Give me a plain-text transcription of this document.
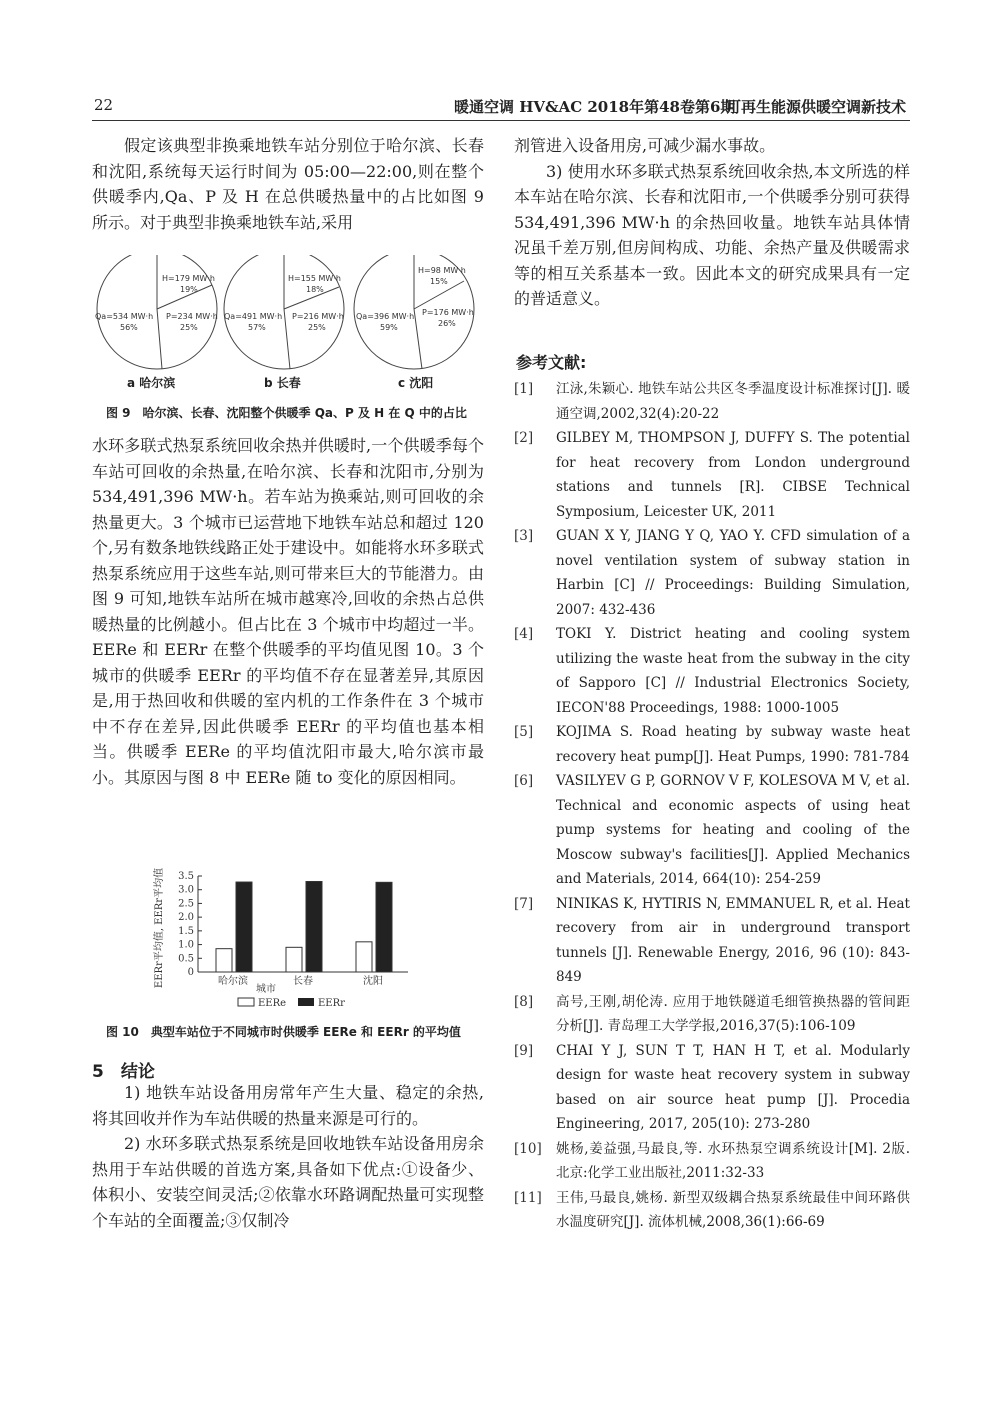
22	暖通空调 HV&AC 2018年第48卷第6期
可再生能源供暖空调新技术

假定该典型非换乘地铁车站分别位于哈尔滨、长春和沈阳,系统每天运行时间为 05:00—22:00,则在整个供暖季内,Qa、P 及 H 在总供暖热量中的占比如图 9 所示。对于典型非换乘地铁车站,采用

H=179 MW·h
19%
Qa=534 MW·h
56%
P=234 MW·h
25%
a 哈尔滨
H=155 MW·h
18%
Qa=491 MW·h
57%
P=216 MW·h
25%
b 长春
H=98 MW·h
15%
Qa=396 MW·h
59%
P=176 MW·h
26%
c 沈阳
图 9　哈尔滨、长春、沈阳整个供暖季 Qa、P 及 H 在 Q 中的占比

水环多联式热泵系统回收余热并供暖时,一个供暖季每个车站可回收的余热量,在哈尔滨、长春和沈阳市,分别为 534,491,396 MW·h。若车站为换乘站,则可回收的余热量更大。3 个城市已运营地下地铁车站总和超过 120 个,另有数条地铁线路正处于建设中。如能将水环多联式热泵系统应用于这些车站,则可带来巨大的节能潜力。由图 9 可知,地铁车站所在城市越寒冷,回收的余热占总供暖热量的比例越小。但占比在 3 个城市中均超过一半。EERe 和 EERr 在整个供暖季的平均值见图 10。3 个城市的供暖季 EERr 的平均值不存在显著差异,其原因是,用于热回收和供暖的室内机的工作条件在 3 个城市中不存在差异,因此供暖季 EERr 的平均值也基本相当。供暖季 EERe 的平均值沈阳市最大,哈尔滨市最小。其原因与图 8 中 EERe 随 to 变化的原因相同。

EERr平均值, EERr平均值
城市
0
0.5
1.0
1.5
2.0
2.5
3.0
3.5
哈尔滨	长春	沈阳
EERe	EERr
图 10　典型车站位于不同城市时供暖季 EERe 和 EERr 的平均值
5　结论

1) 地铁车站设备用房常年产生大量、稳定的余热,将其回收并作为车站供暖的热量来源是可行的。

2) 水环多联式热泵系统是回收地铁车站设备用房余热用于车站供暖的首选方案,具备如下优点:①设备少、体积小、安装空间灵活;②依靠水环路调配热量可实现整个车站的全面覆盖;③仅制冷

剂管进入设备用房,可减少漏水事故。

3) 使用水环多联式热泵系统回收余热,本文所选的样本车站在哈尔滨、长春和沈阳市,一个供暖季分别可获得 534,491,396 MW·h 的余热回收量。地铁车站具体情况虽千差万别,但房间构成、功能、余热产量及供暖需求等的相互关系基本一致。因此本文的研究成果具有一定的普适意义。

参考文献:
[1]	江泳,朱颖心. 地铁车站公共区冬季温度设计标准探讨[J]. 暖通空调,2002,32(4):20-22
[2]	GILBEY M, THOMPSON J, DUFFY S. The potential for heat recovery from London underground stations and tunnels [R]. CIBSE Technical Symposium, Leicester UK, 2011
[3]	GUAN X Y, JIANG Y Q, YAO Y. CFD simulation of a novel ventilation system of subway station in Harbin [C] // Proceedings: Building Simulation, 2007: 432-436
[4]	TOKI Y. District heating and cooling system utilizing the waste heat from the subway in the city of Sapporo [C] // Industrial Electronics Society, IECON'88 Proceedings, 1988: 1000-1005
[5]	KOJIMA S. Road heating by subway waste heat recovery heat pump[J]. Heat Pumps, 1990: 781-784
[6]	VASILYEV G P, GORNOV V F, KOLESOVA M V, et al. Technical and economic aspects of using heat pump systems for heating and cooling of the Moscow subway's facilities[J]. Applied Mechanics and Materials, 2014, 664(10): 254-259
[7]	NINIKAS K, HYTIRIS N, EMMANUEL R, et al. Heat recovery from air in underground transport tunnels [J]. Renewable Energy, 2016, 96 (10): 843-849
[8]	高号,王刚,胡伦涛. 应用于地铁隧道毛细管换热器的管间距分析[J]. 青岛理工大学学报,2016,37(5):106-109
[9]	CHAI Y J, SUN T T, HAN H T, et al. Modularly design for waste heat recovery system in subway based on air source heat pump [J]. Procedia Engineering, 2017, 205(10): 273-280
[10]	姚杨,姜益强,马最良,等. 水环热泵空调系统设计[M]. 2版. 北京:化学工业出版社,2011:32-33
[11]	王伟,马最良,姚杨. 新型双级耦合热泵系统最佳中间环路供水温度研究[J]. 流体机械,2008,36(1):66-69
